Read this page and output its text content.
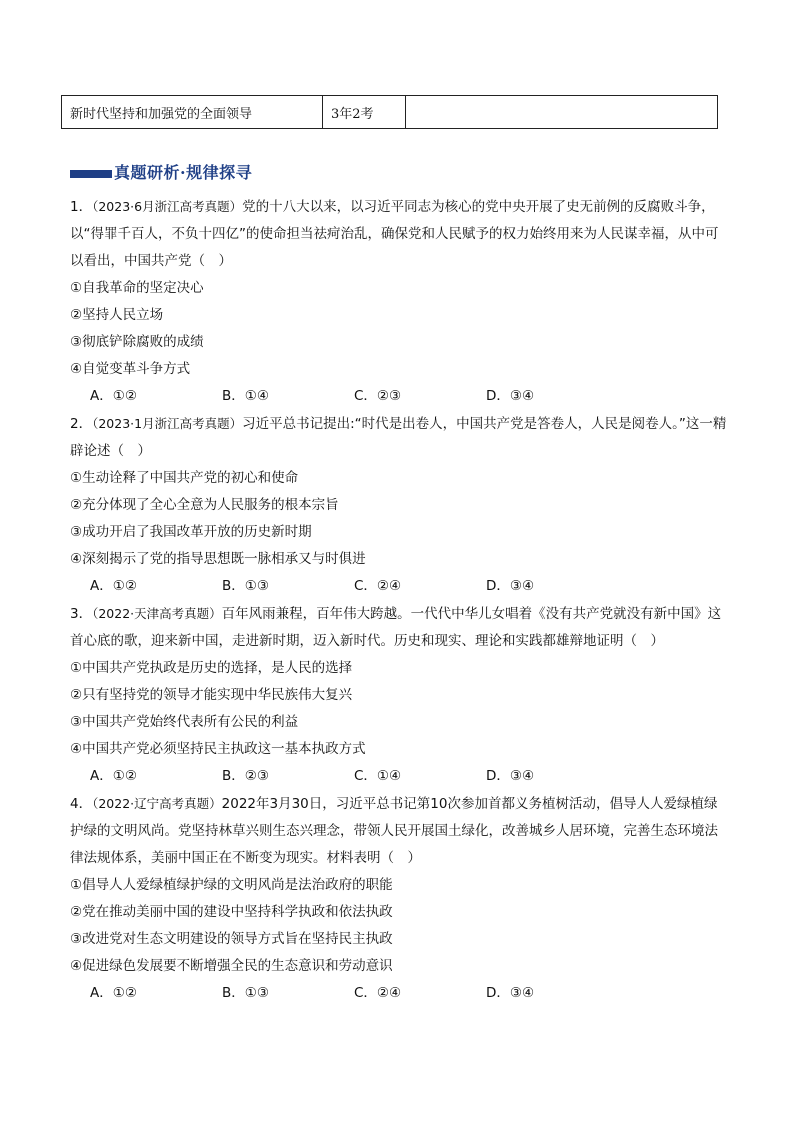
新时代坚持和加强党的全面领导	3年2考	
真题研析·规律探寻
1．（2023·6月浙江高考真题）党的十八大以来，以习近平同志为核心的党中央开展了史无前例的反腐败斗争，以“得罪千百人，不负十四亿”的使命担当祛疴治乱，确保党和人民赋予的权力始终用来为人民谋幸福，从中可以看出，中国共产党（　）
①自我革命的坚定决心
②坚持人民立场
③彻底铲除腐败的成绩
④自觉变革斗争方式
A．①②	B．①④	C．②③	D．③④
2．（2023·1月浙江高考真题）习近平总书记提出:“时代是出卷人，中国共产党是答卷人，人民是阅卷人。”这一精辟论述（　）
①生动诠释了中国共产党的初心和使命
②充分体现了全心全意为人民服务的根本宗旨
③成功开启了我国改革开放的历史新时期
④深刻揭示了党的指导思想既一脉相承又与时俱进
A．①②	B．①③	C．②④	D．③④
3．（2022·天津高考真题）百年风雨兼程，百年伟大跨越。一代代中华儿女唱着《没有共产党就没有新中国》这首心底的歌，迎来新中国，走进新时期，迈入新时代。历史和现实、理论和实践都雄辩地证明（　）
①中国共产党执政是历史的选择，是人民的选择
②只有坚持党的领导才能实现中华民族伟大复兴
③中国共产党始终代表所有公民的利益
④中国共产党必须坚持民主执政这一基本执政方式
A．①②	B．②③	C．①④	D．③④
4．（2022·辽宁高考真题）2022年3月30日，习近平总书记第10次参加首都义务植树活动，倡导人人爱绿植绿护绿的文明风尚。党坚持林草兴则生态兴理念，带领人民开展国土绿化，改善城乡人居环境，完善生态环境法律法规体系，美丽中国正在不断变为现实。材料表明（　）
①倡导人人爱绿植绿护绿的文明风尚是法治政府的职能
②党在推动美丽中国的建设中坚持科学执政和依法执政
③改进党对生态文明建设的领导方式旨在坚持民主执政
④促进绿色发展要不断增强全民的生态意识和劳动意识
A．①②	B．①③	C．②④	D．③④
